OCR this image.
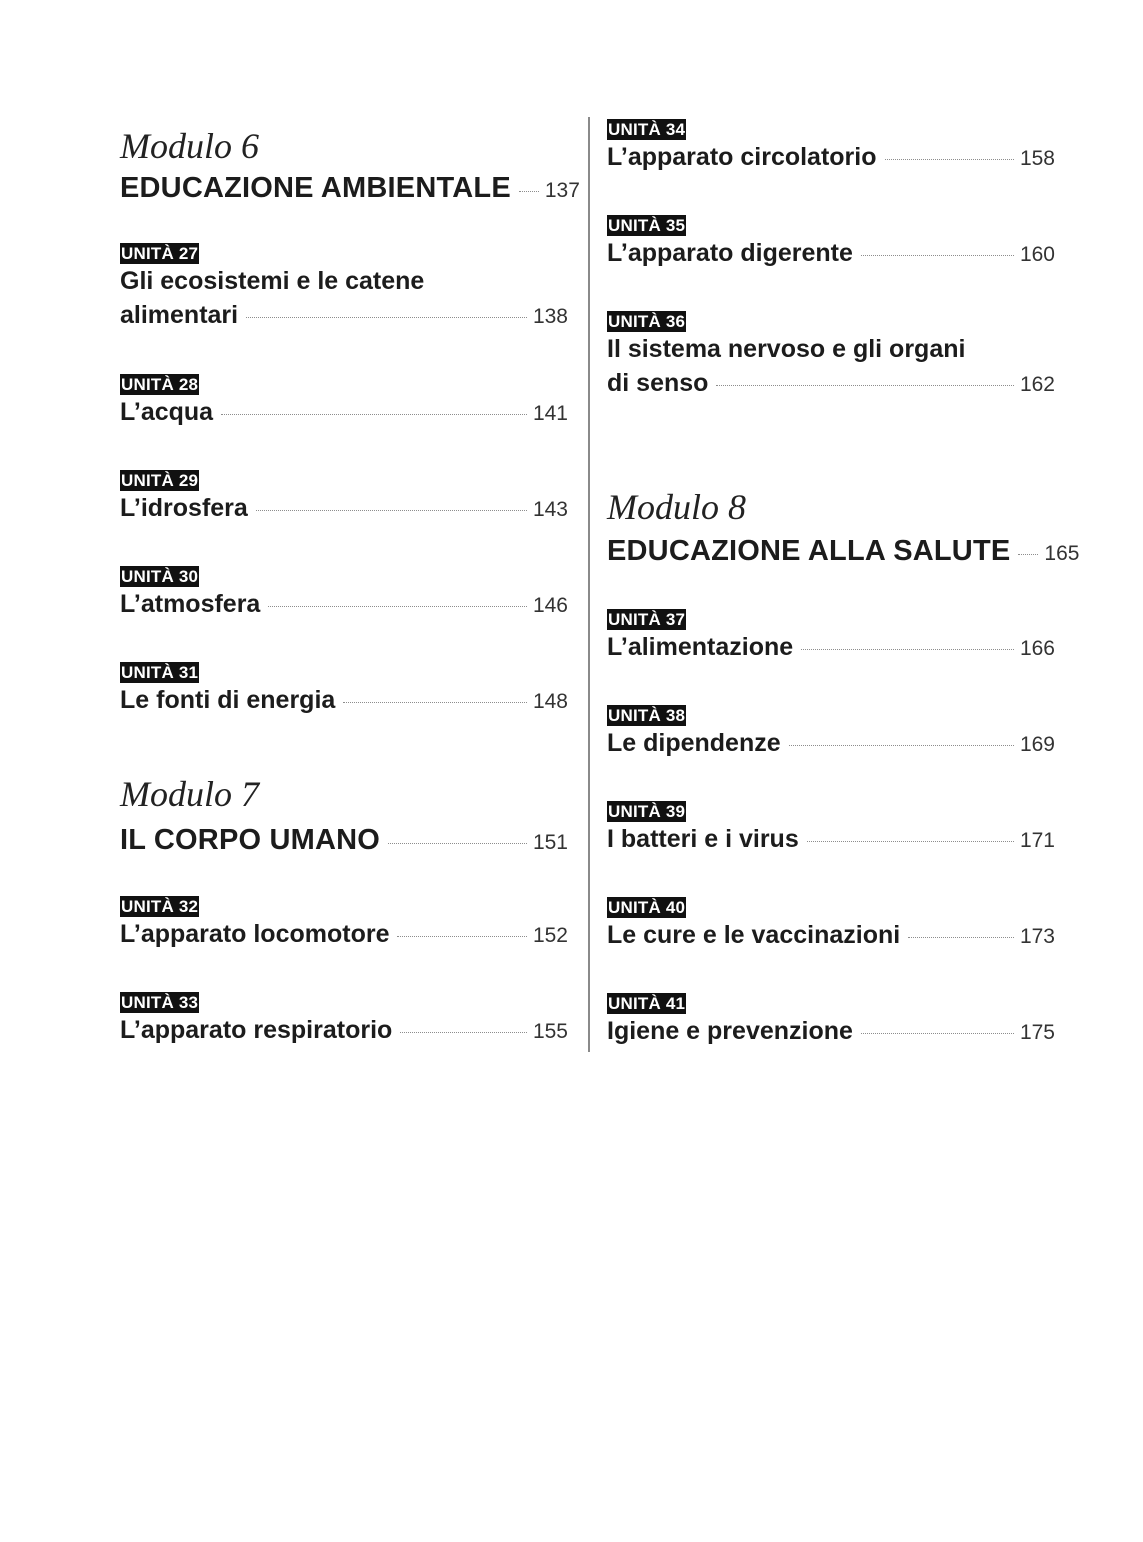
Modulo 6
EDUCAZIONE AMBIENTALE 137
UNITÀ 27
Gli ecosistemi e le catene
alimentari	138
UNITÀ 28
L’acqua	141
UNITÀ 29
L’idrosfera	143
UNITÀ 30
L’atmosfera	146
UNITÀ 31
Le fonti di energia	148
Modulo 7
IL CORPO UMANO	151
UNITÀ 32
L’apparato locomotore	152
UNITÀ 33
L’apparato respiratorio	155
UNITÀ 34
L’apparato circolatorio	158
UNITÀ 35
L’apparato digerente	160
UNITÀ 36
Il sistema nervoso e gli organi
di senso	162
Modulo 8
EDUCAZIONE ALLA SALUTE 165
UNITÀ 37
L’alimentazione	166
UNITÀ 38
Le dipendenze	169
UNITÀ 39
I batteri e i virus	171
UNITÀ 40
Le cure e le vaccinazioni	173
UNITÀ 41
Igiene e prevenzione	175
